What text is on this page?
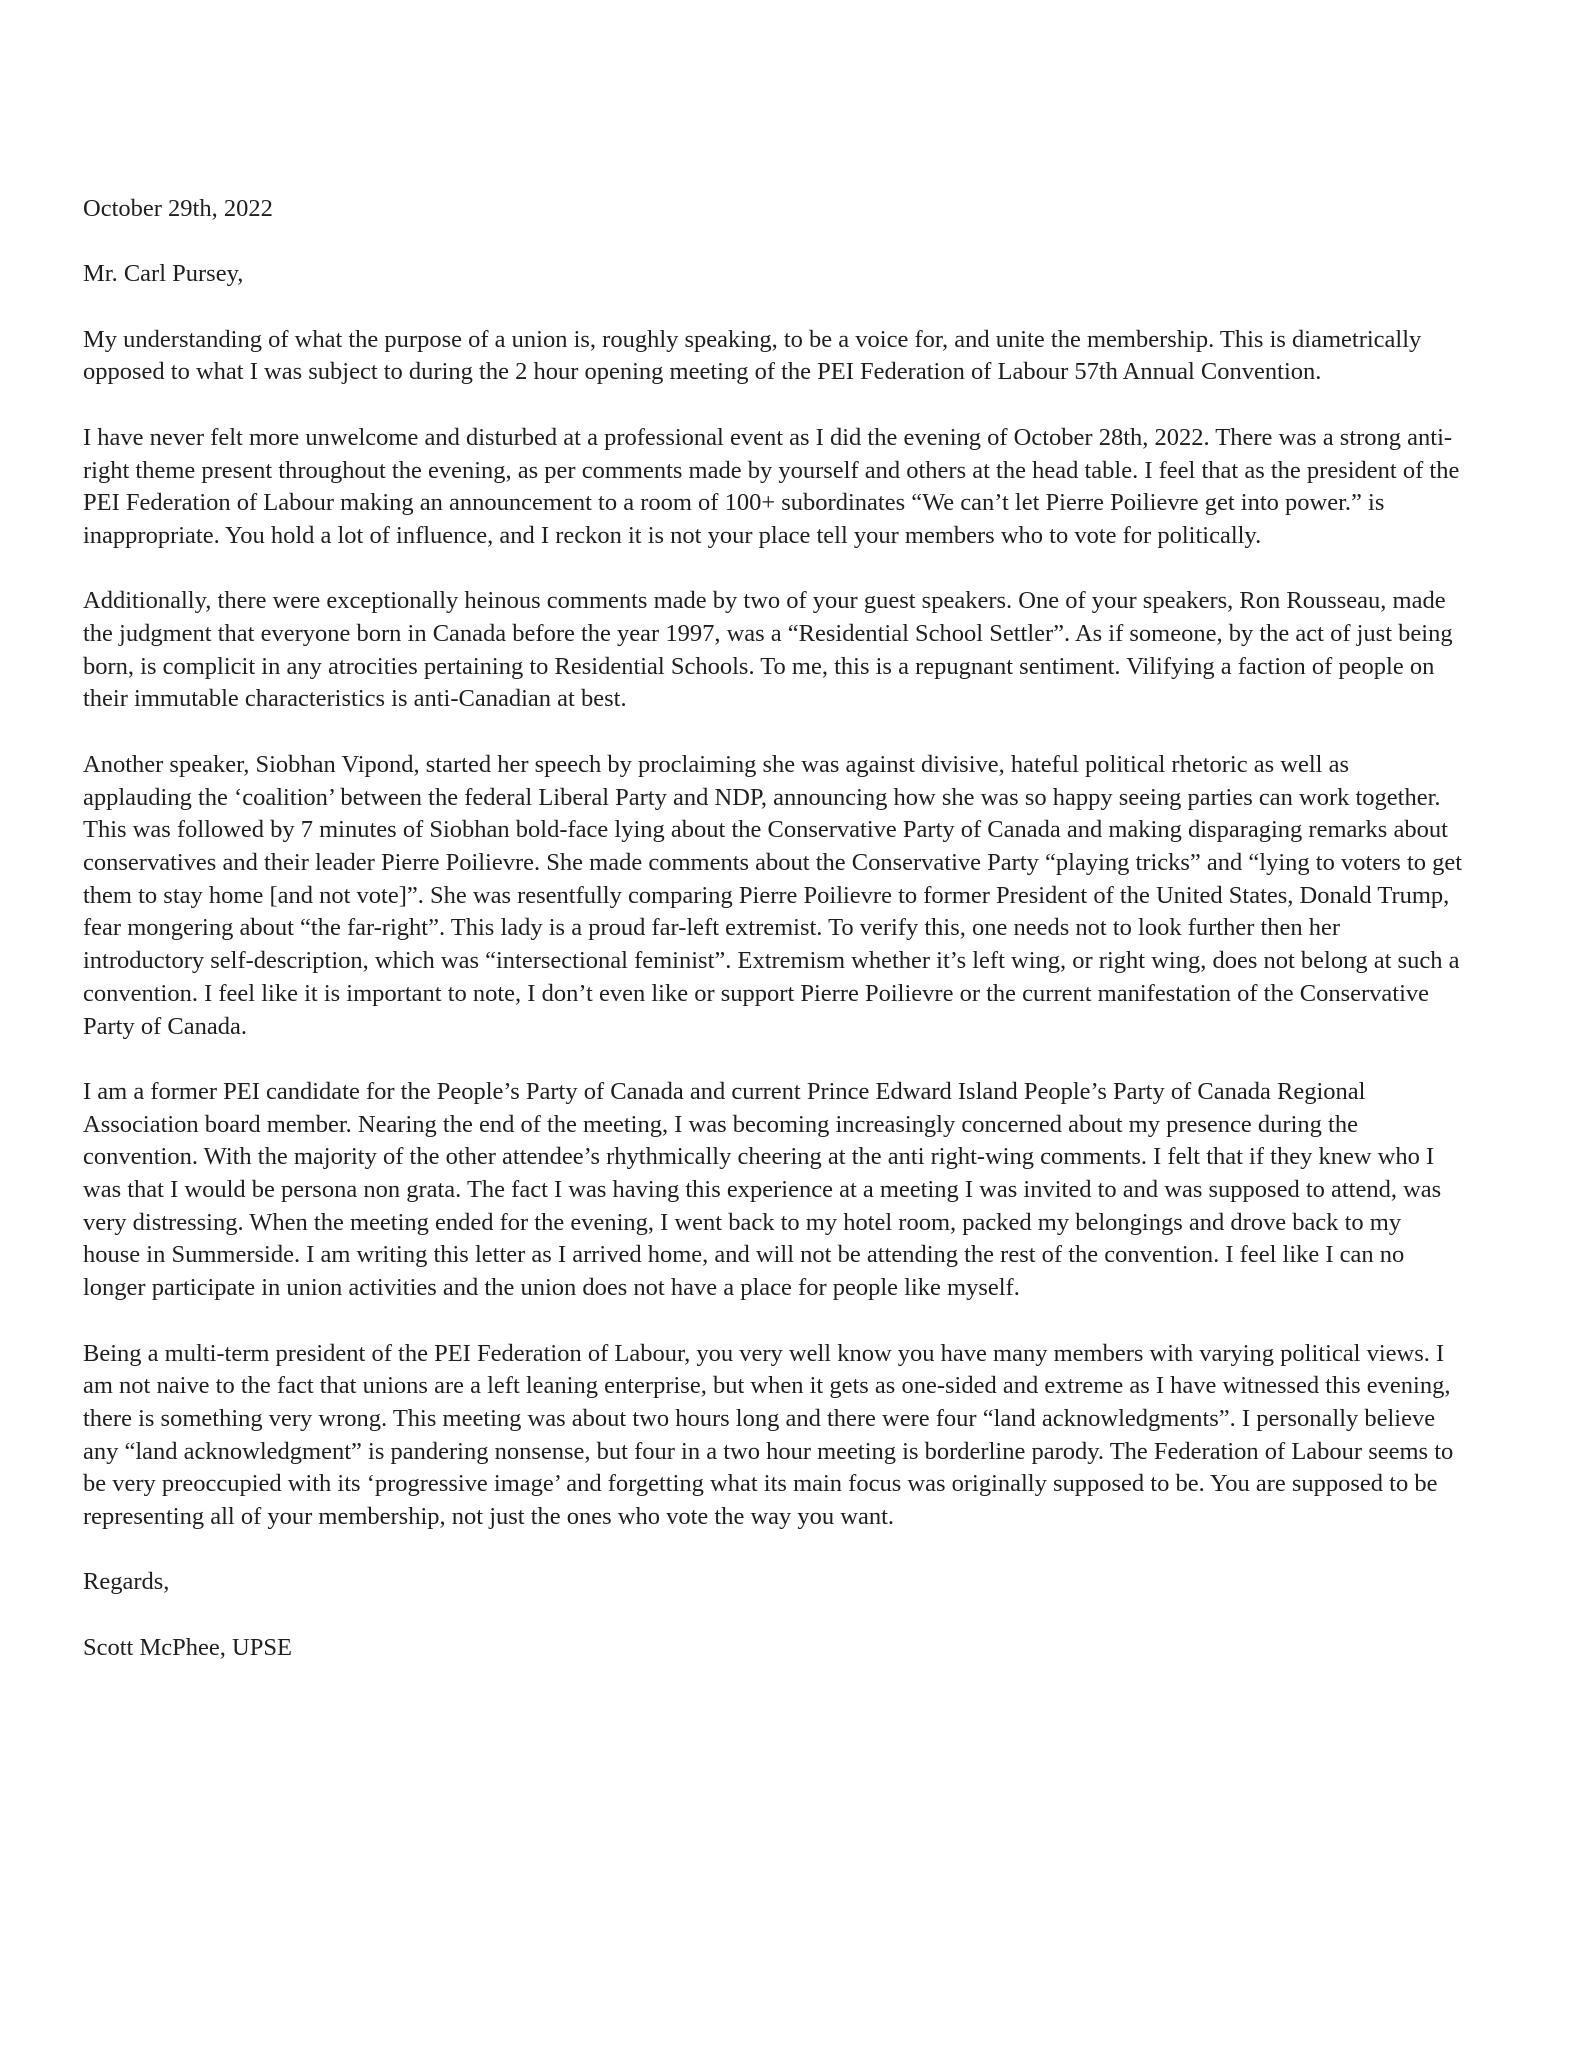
October 29th, 2022

Mr. Carl Pursey,

My understanding of what the purpose of a union is, roughly speaking, to be a voice for, and unite the membership. This is diametrically opposed to what I was subject to during the 2 hour opening meeting of the PEI Federation of Labour 57th Annual Convention.

I have never felt more unwelcome and disturbed at a professional event as I did the evening of October 28th, 2022. There was a strong anti-right theme present throughout the evening, as per comments made by yourself and others at the head table. I feel that as the president of the PEI Federation of Labour making an announcement to a room of 100+ subordinates “We can’t let Pierre Poilievre get into power.” is inappropriate. You hold a lot of influence, and I reckon it is not your place tell your members who to vote for politically.

Additionally, there were exceptionally heinous comments made by two of your guest speakers. One of your speakers, Ron Rousseau, made the judgment that everyone born in Canada before the year 1997, was a “Residential School Settler”. As if someone, by the act of just being born, is complicit in any atrocities pertaining to Residential Schools. To me, this is a repugnant sentiment. Vilifying a faction of people on their immutable characteristics is anti-Canadian at best.

Another speaker, Siobhan Vipond, started her speech by proclaiming she was against divisive, hateful political rhetoric as well as applauding the ‘coalition’ between the federal Liberal Party and NDP, announcing how she was so happy seeing parties can work together. This was followed by 7 minutes of Siobhan bold-face lying about the Conservative Party of Canada and making disparaging remarks about conservatives and their leader Pierre Poilievre. She made comments about the Conservative Party “playing tricks” and “lying to voters to get them to stay home [and not vote]”. She was resentfully comparing Pierre Poilievre to former President of the United States, Donald Trump, fear mongering about “the far-right”. This lady is a proud far-left extremist. To verify this, one needs not to look further then her introductory self-description, which was “intersectional feminist”. Extremism whether it’s left wing, or right wing, does not belong at such a convention. I feel like it is important to note, I don’t even like or support Pierre Poilievre or the current manifestation of the Conservative Party of Canada.

I am a former PEI candidate for the People’s Party of Canada and current Prince Edward Island People’s Party of Canada Regional Association board member. Nearing the end of the meeting, I was becoming increasingly concerned about my presence during the convention. With the majority of the other attendee’s rhythmically cheering at the anti right-wing comments. I felt that if they knew who I was that I would be persona non grata. The fact I was having this experience at a meeting I was invited to and was supposed to attend, was very distressing. When the meeting ended for the evening, I went back to my hotel room, packed my belongings and drove back to my house in Summerside. I am writing this letter as I arrived home, and will not be attending the rest of the convention. I feel like I can no longer participate in union activities and the union does not have a place for people like myself.

Being a multi-term president of the PEI Federation of Labour, you very well know you have many members with varying political views. I am not naive to the fact that unions are a left leaning enterprise, but when it gets as one-sided and extreme as I have witnessed this evening, there is something very wrong. This meeting was about two hours long and there were four “land acknowledgments”. I personally believe any “land acknowledgment” is pandering nonsense, but four in a two hour meeting is borderline parody. The Federation of Labour seems to be very preoccupied with its ‘progressive image’ and forgetting what its main focus was originally supposed to be. You are supposed to be representing all of your membership, not just the ones who vote the way you want.

Regards,

Scott McPhee, UPSE
